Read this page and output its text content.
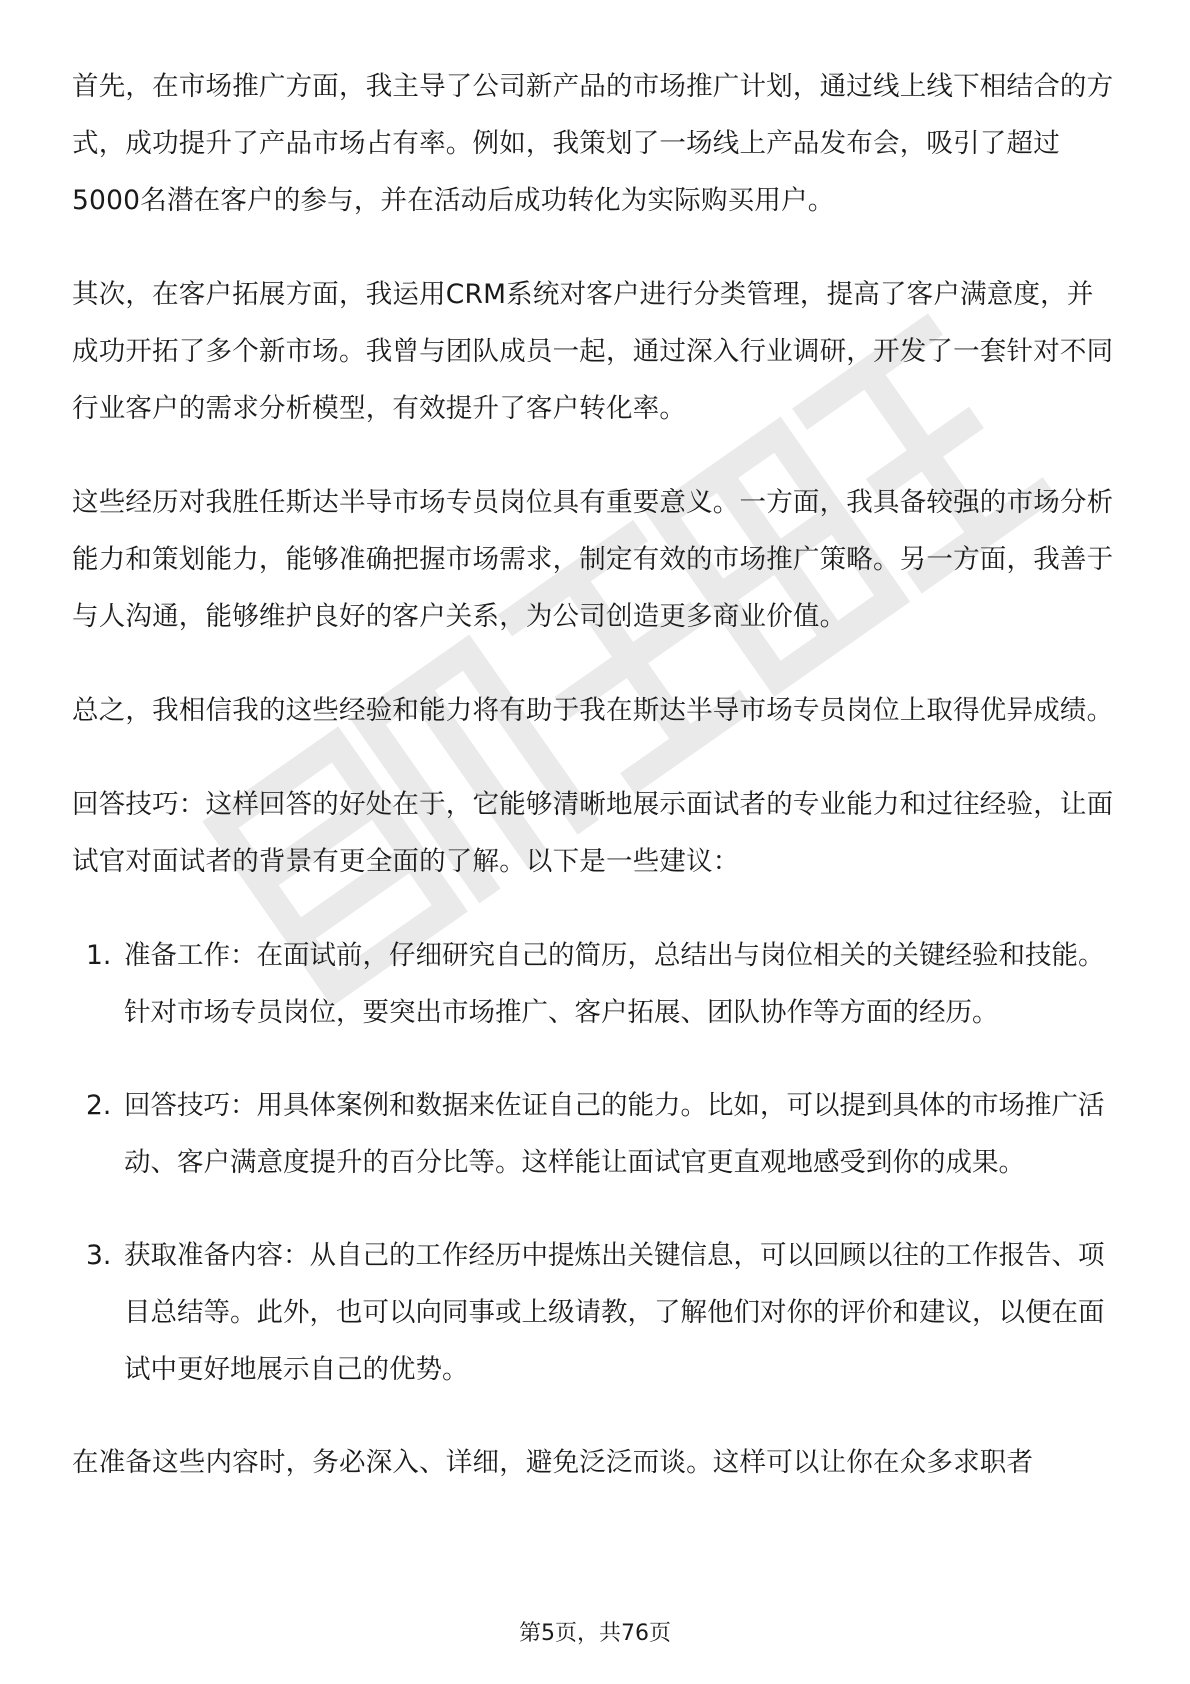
首先，在市场推广方面，我主导了公司新产品的市场推广计划，通过线上线下相结合的方式，成功提升了产品市场占有率。例如，我策划了一场线上产品发布会，吸引了超过5000名潜在客户的参与，并在活动后成功转化为实际购买用户。

其次，在客户拓展方面，我运用CRM系统对客户进行分类管理，提高了客户满意度，并成功开拓了多个新市场。我曾与团队成员一起，通过深入行业调研，开发了一套针对不同行业客户的需求分析模型，有效提升了客户转化率。

这些经历对我胜任斯达半导市场专员岗位具有重要意义。一方面，我具备较强的市场分析能力和策划能力，能够准确把握市场需求，制定有效的市场推广策略。另一方面，我善于与人沟通，能够维护良好的客户关系，为公司创造更多商业价值。

总之，我相信我的这些经验和能力将有助于我在斯达半导市场专员岗位上取得优异成绩。

回答技巧：这样回答的好处在于，它能够清晰地展示面试者的专业能力和过往经验，让面试官对面试者的背景有更全面的了解。以下是一些建议：

1. 准备工作：在面试前，仔细研究自己的简历，总结出与岗位相关的关键经验和技能。针对市场专员岗位，要突出市场推广、客户拓展、团队协作等方面的经历。
2. 回答技巧：用具体案例和数据来佐证自己的能力。比如，可以提到具体的市场推广活动、客户满意度提升的百分比等。这样能让面试官更直观地感受到你的成果。
3. 获取准备内容：从自己的工作经历中提炼出关键信息，可以回顾以往的工作报告、项目总结等。此外，也可以向同事或上级请教，了解他们对你的评价和建议，以便在面试中更好地展示自己的优势。

在准备这些内容时，务必深入、详细，避免泛泛而谈。这样可以让你在众多求职者

第5页，共76页
